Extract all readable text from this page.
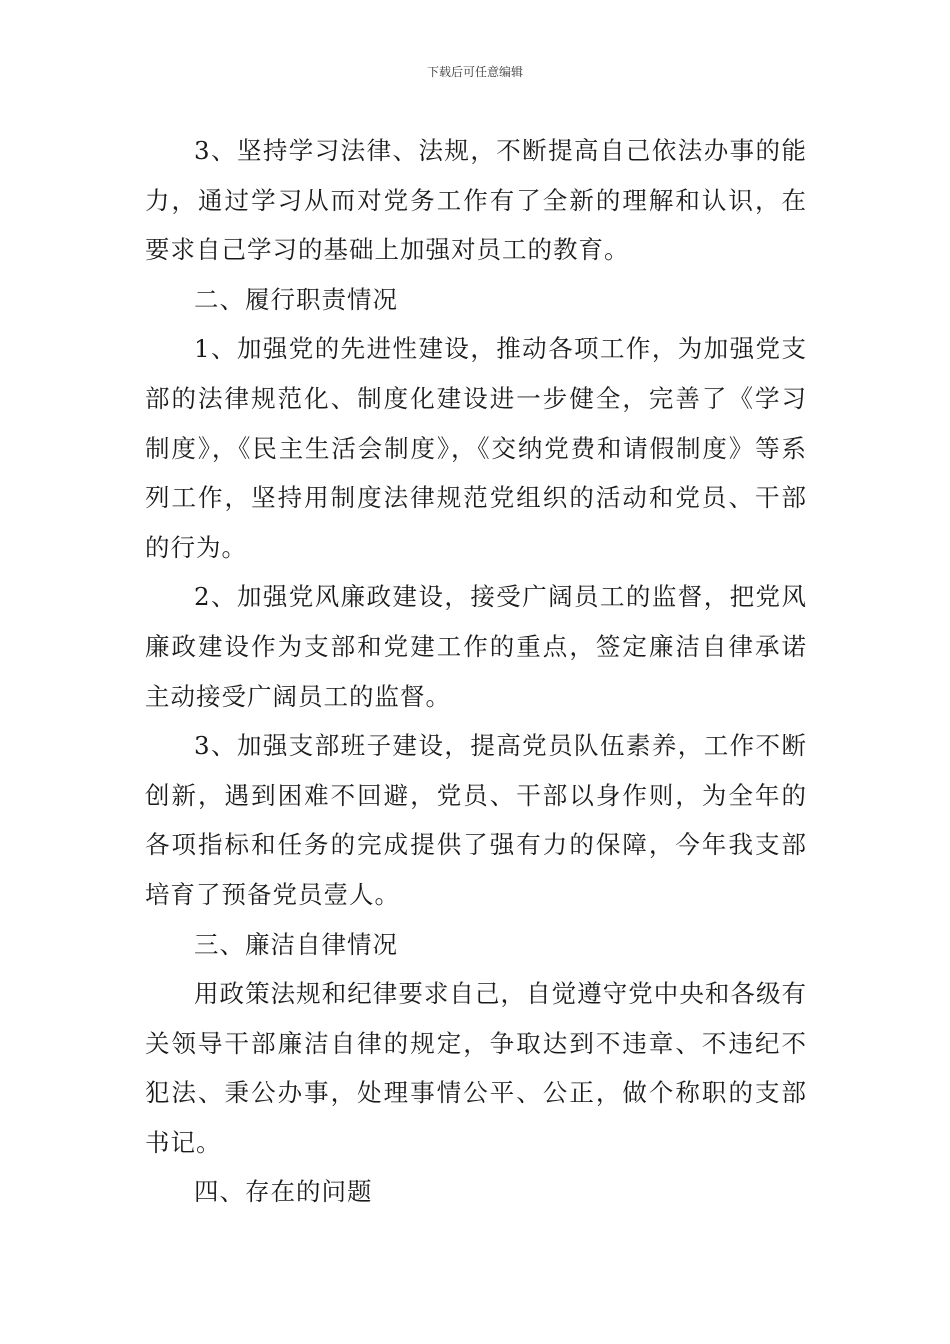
下载后可任意编辑

3、坚持学习法律、法规，不断提高自己依法办事的能力，通过学习从而对党务工作有了全新的理解和认识，在要求自己学习的基础上加强对员工的教育。

二、履行职责情况

1、加强党的先进性建设，推动各项工作，为加强党支部的法律规范化、制度化建设进一步健全，完善了《学习制度》，《民主生活会制度》，《交纳党费和请假制度》等系列工作，坚持用制度法律规范党组织的活动和党员、干部的行为。

2、加强党风廉政建设，接受广阔员工的监督，把党风廉政建设作为支部和党建工作的重点，签定廉洁自律承诺主动接受广阔员工的监督。

3、加强支部班子建设，提高党员队伍素养，工作不断创新，遇到困难不回避，党员、干部以身作则，为全年的各项指标和任务的完成提供了强有力的保障，今年我支部培育了预备党员壹人。

三、廉洁自律情况

用政策法规和纪律要求自己，自觉遵守党中央和各级有关领导干部廉洁自律的规定，争取达到不违章、不违纪不犯法、秉公办事，处理事情公平、公正，做个称职的支部书记。

四、存在的问题
